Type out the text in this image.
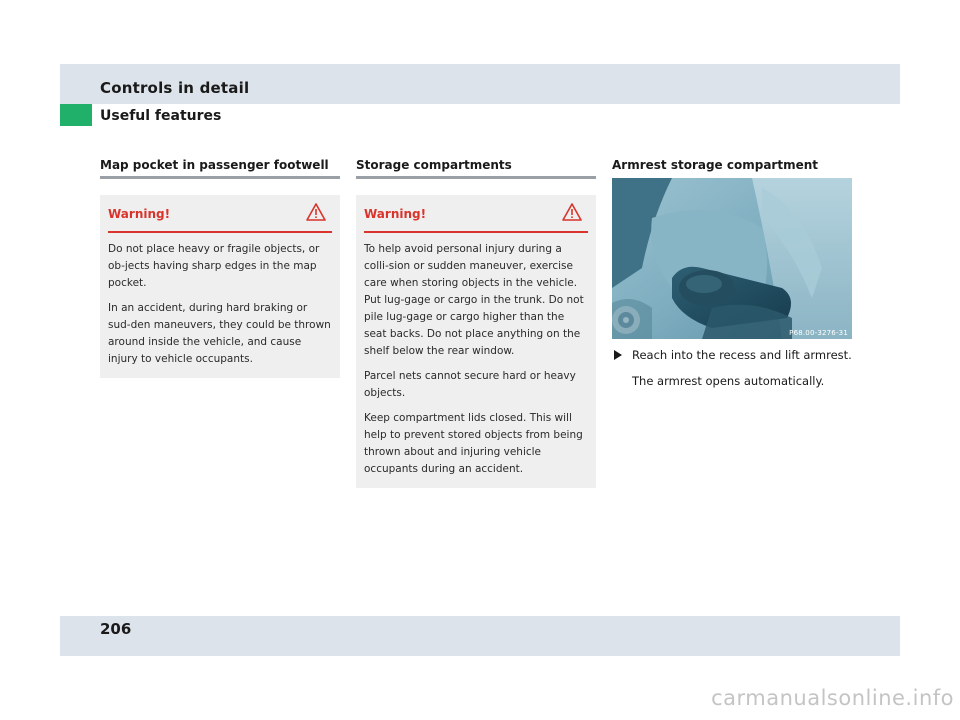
Controls in detail
Useful features
Map pocket in passenger footwell
Warning!

Do not place heavy or fragile objects, or ob-jects having sharp edges in the map pocket.

In an accident, during hard braking or sud-den maneuvers, they could be thrown around inside the vehicle, and cause injury to vehicle occupants.

Storage compartments
Warning!

To help avoid personal injury during a colli-sion or sudden maneuver, exercise care when storing objects in the vehicle. Put lug-gage or cargo in the trunk. Do not pile lug-gage or cargo higher than the seat backs. Do not place anything on the shelf below the rear window.

Parcel nets cannot secure hard or heavy objects.

Keep compartment lids closed. This will help to prevent stored objects from being thrown about and injuring vehicle occupants during an accident.

Armrest storage compartment
P68.00-3276-31
Reach into the recess and lift armrest.
The armrest opens automatically.
206
carmanualsonline.info
